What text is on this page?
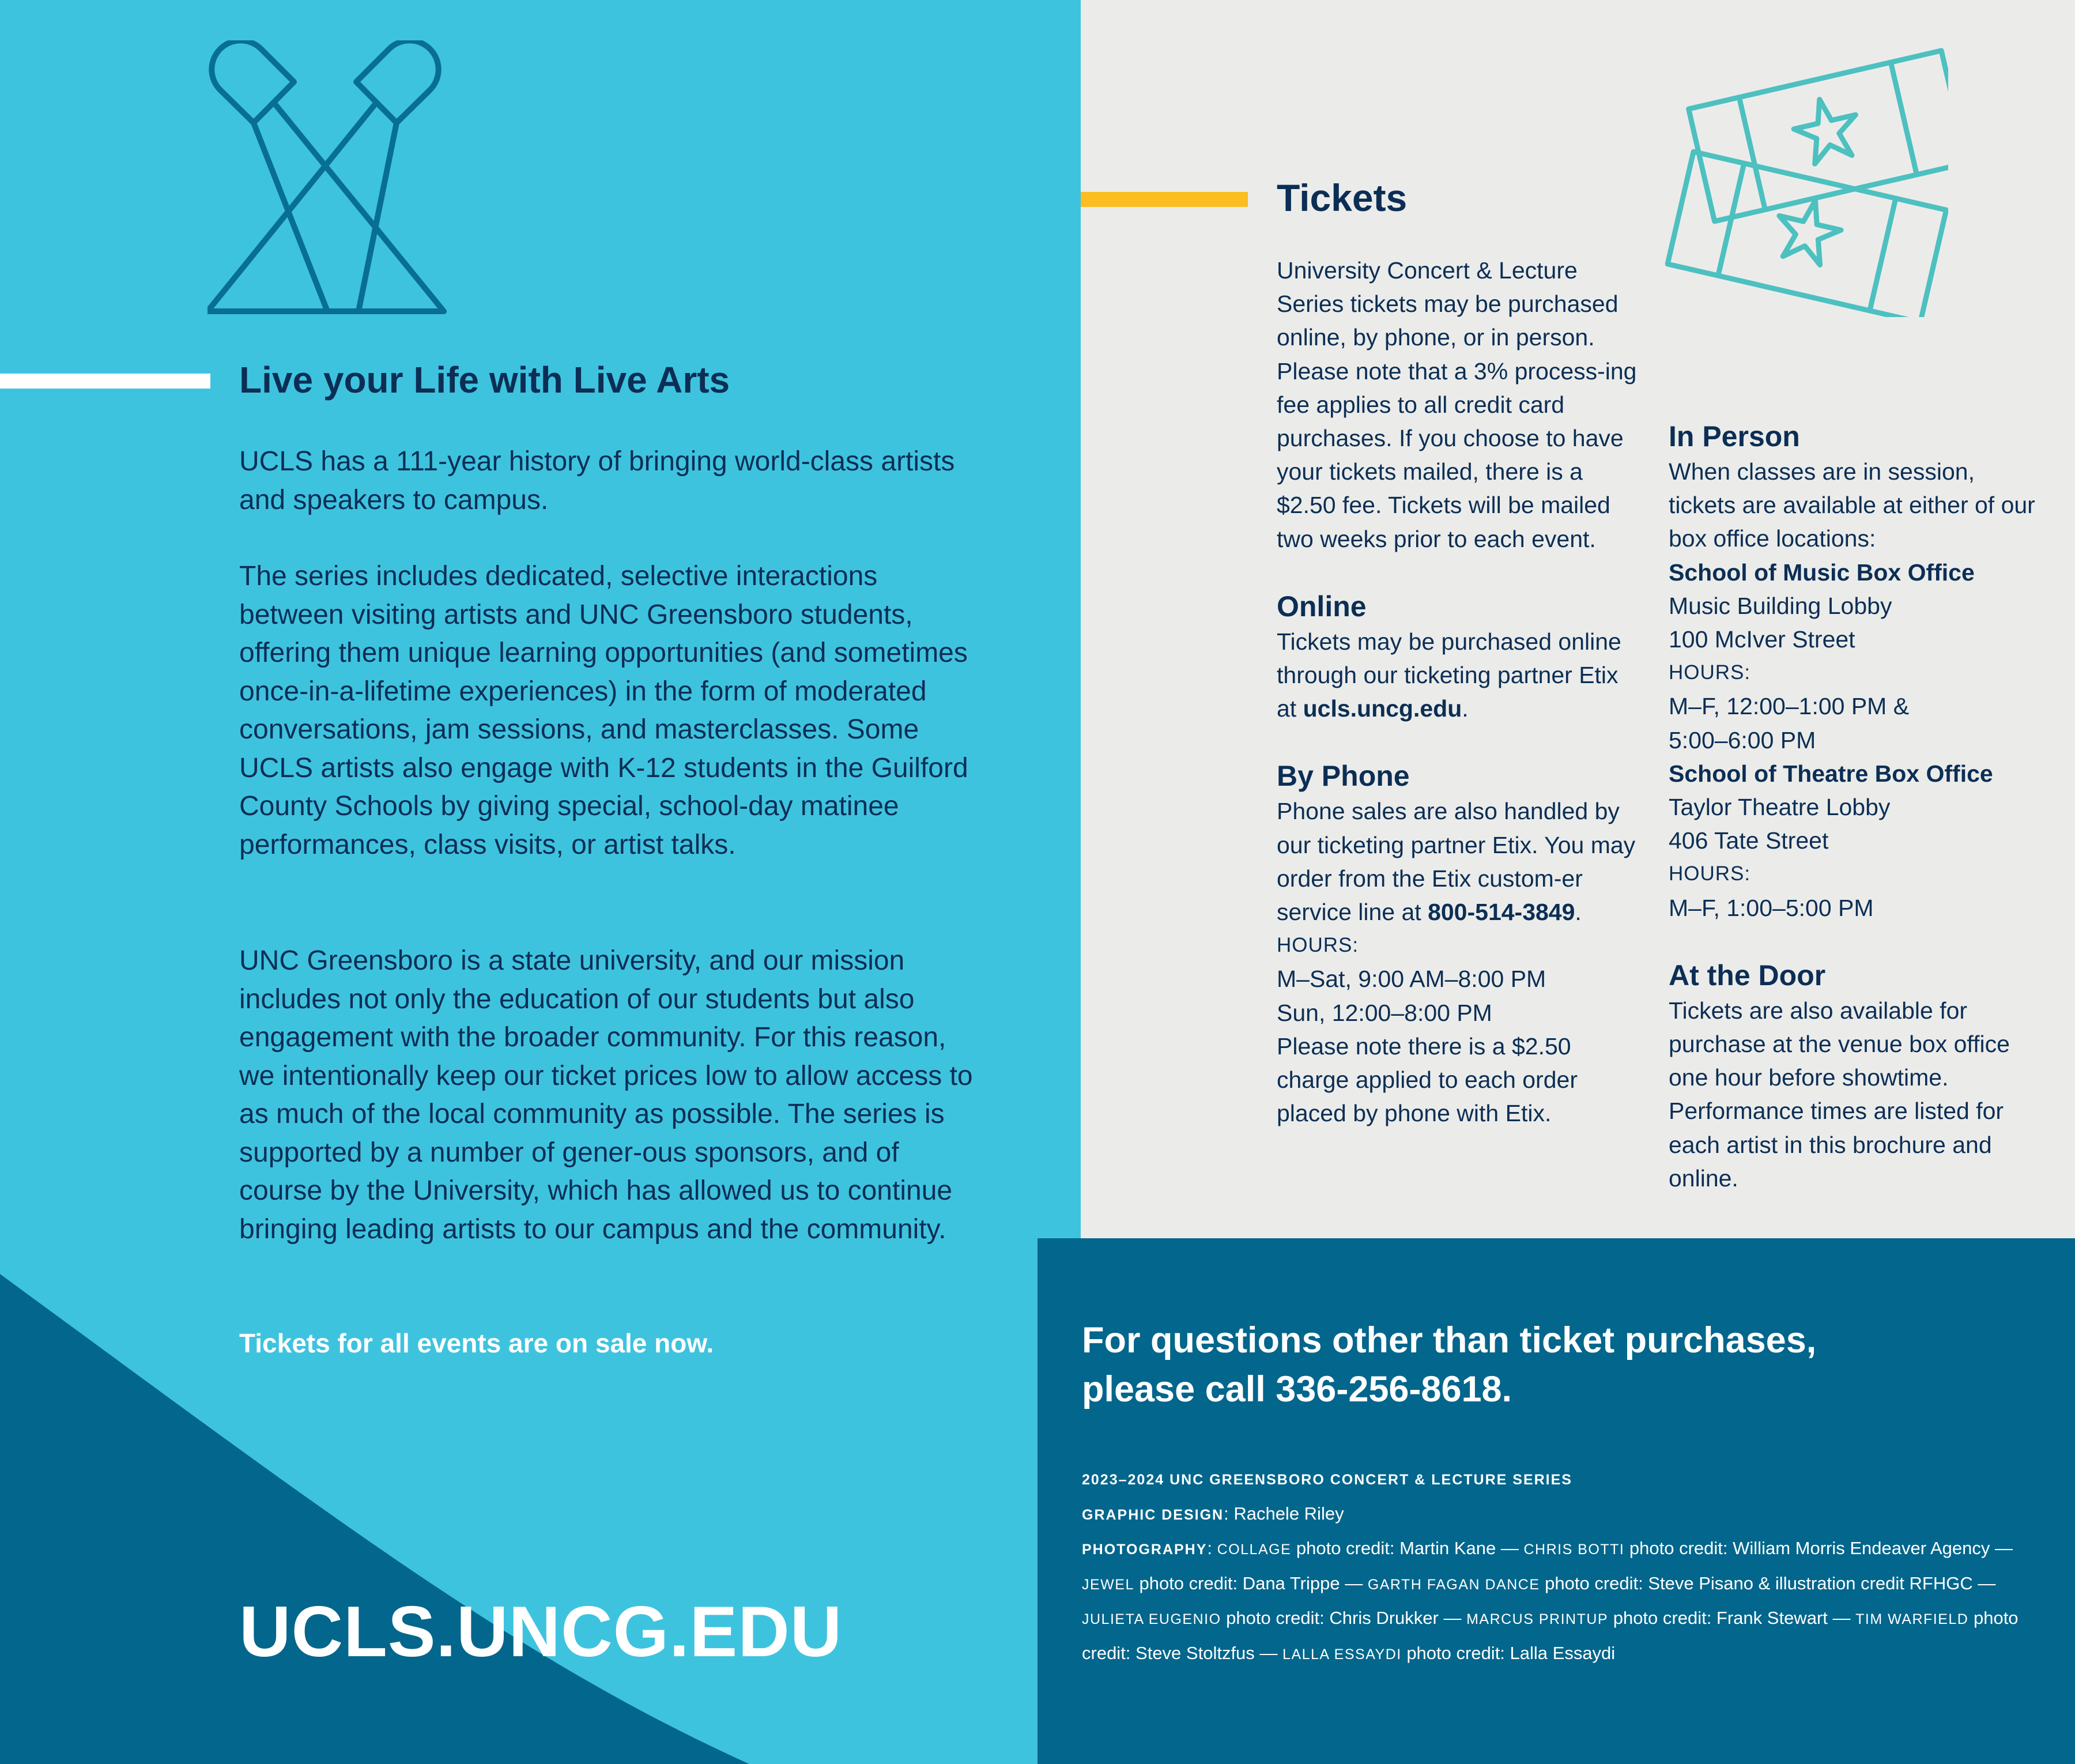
Live your Life with Live Arts

UCLS has a 111-year history of bringing world-class artists and speakers to campus.

The series includes dedicated, selective interactions between visiting artists and UNC Greensboro students, offering them unique learning opportunities (and sometimes once-in-a-lifetime experiences) in the form of moderated conversations, jam sessions, and masterclasses. Some UCLS artists also engage with K-12 students in the Guilford County Schools by giving special, school-day matinee performances, class visits, or artist talks.

UNC Greensboro is a state university, and our mission includes not only the education of our students but also engagement with the broader community. For this reason, we intentionally keep our ticket prices low to allow access to as much of the local community as possible. The series is supported by a number of gener-ous sponsors, and of course by the University, which has allowed us to continue bringing leading artists to our campus and the community.

Tickets for all events are on sale now.

UCLS.UNCG.EDU

Tickets

University Concert & Lecture Series tickets may be purchased online, by phone, or in person. Please note that a 3% process-ing fee applies to all credit card purchases. If you choose to have your tickets mailed, there is a $2.50 fee. Tickets will be mailed two weeks prior to each event.

Online

Tickets may be purchased online through our ticketing partner Etix at ucls.uncg.edu.

By Phone

Phone sales are also handled by our ticketing partner Etix. You may order from the Etix custom-er service line at 800-514-3849.

HOURS:
M–Sat, 9:00 AM–8:00 PM
Sun, 12:00–8:00 PM

Please note there is a $2.50 charge applied to each order placed by phone with Etix.

In Person

When classes are in session, tickets are available at either of our box office locations:

School of Music Box Office
Music Building Lobby
100 McIver Street
HOURS:
M–F, 12:00–1:00 PM &
5:00–6:00 PM
School of Theatre Box Office
Taylor Theatre Lobby
406 Tate Street
HOURS:
M–F, 1:00–5:00 PM
At the Door

Tickets are also available for purchase at the venue box office one hour before showtime. Performance times are listed for each artist in this brochure and online.

For questions other than ticket purchases,
please call 336-256-8618.

2023–2024 UNC GREENSBORO CONCERT & LECTURE SERIES
GRAPHIC DESIGN: Rachele Riley
PHOTOGRAPHY: COLLAGE photo credit: Martin Kane — CHRIS BOTTI photo credit: William Morris Endeaver Agency — JEWEL photo credit: Dana Trippe — GARTH FAGAN DANCE photo credit: Steve Pisano & illustration credit RFHGC — JULIETA EUGENIO photo credit: Chris Drukker — MARCUS PRINTUP photo credit: Frank Stewart — TIM WARFIELD photo credit: Steve Stoltzfus — LALLA ESSAYDI photo credit: Lalla Essaydi
